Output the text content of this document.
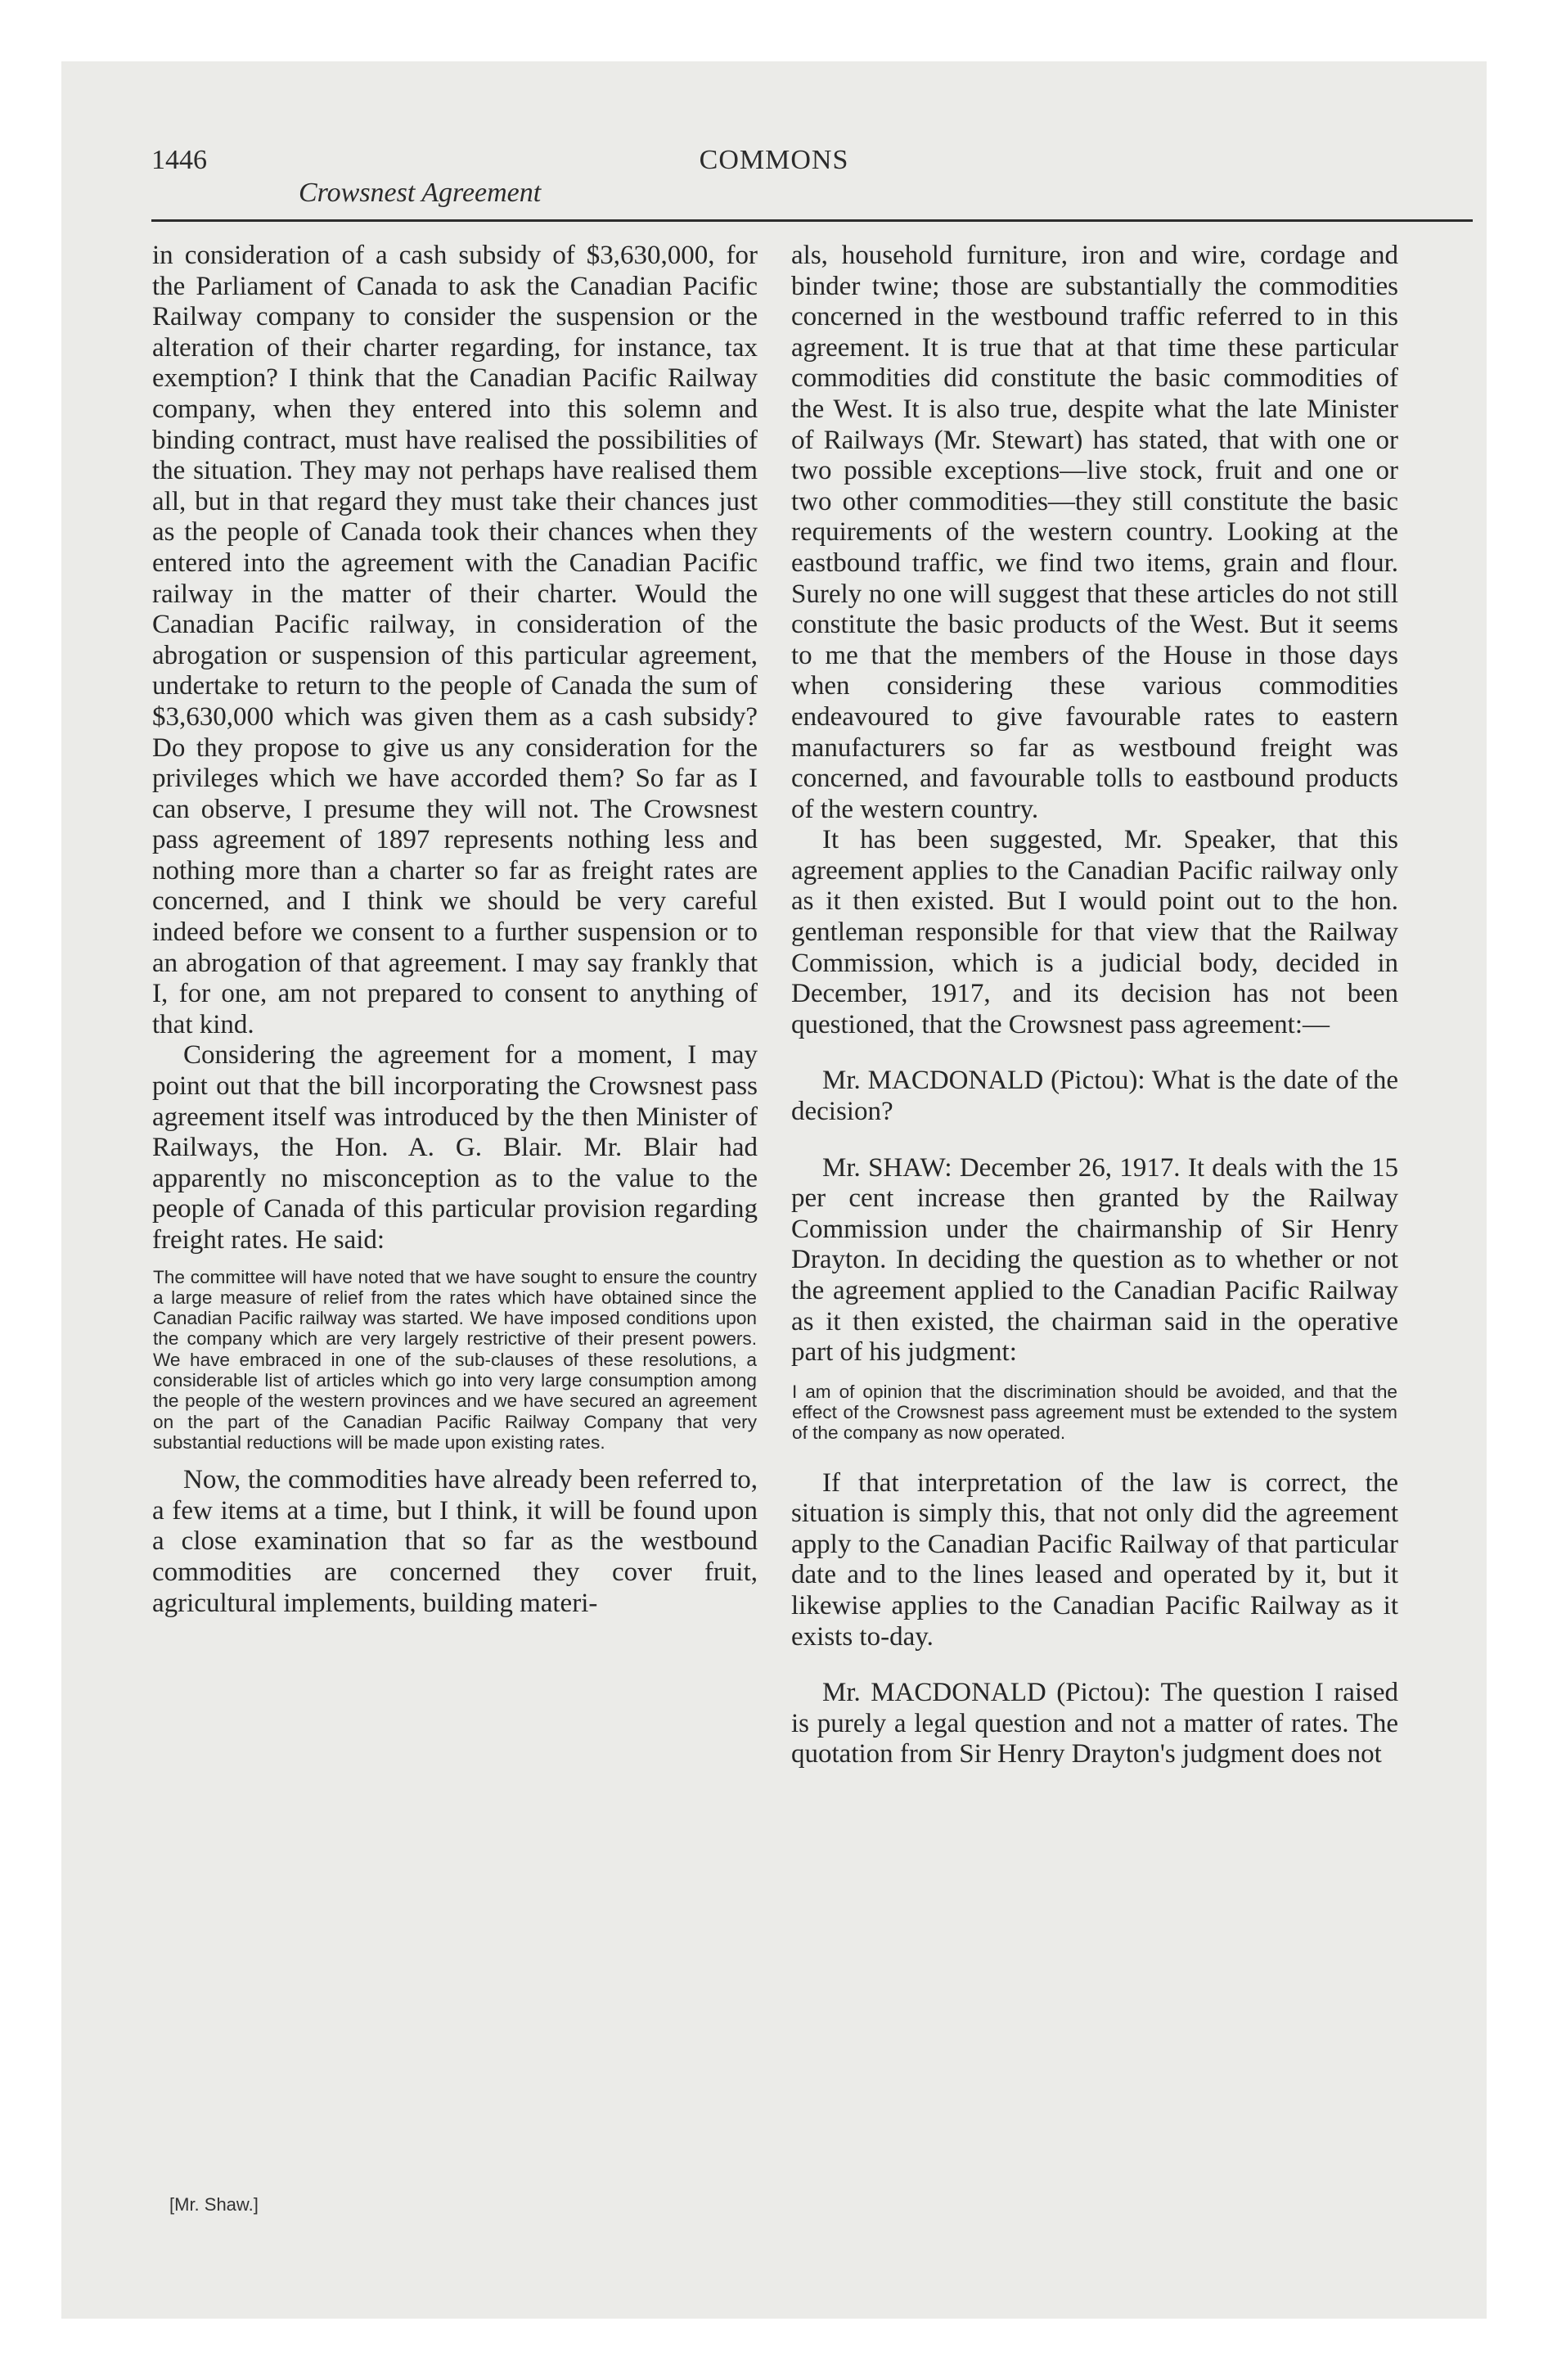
1446	COMMONS
Crowsnest Agreement

in consideration of a cash subsidy of $3,630,000, for the Parliament of Canada to ask the Canadian Pacific Railway company to consider the suspension or the alteration of their charter regarding, for instance, tax exemption? I think that the Canadian Pacific Railway company, when they entered into this solemn and binding contract, must have realised the possibilities of the situation. They may not perhaps have realised them all, but in that regard they must take their chances just as the people of Canada took their chances when they entered into the agreement with the Canadian Pacific railway in the matter of their charter. Would the Canadian Pacific railway, in consideration of the abrogation or suspension of this particular agreement, undertake to return to the people of Canada the sum of $3,630,000 which was given them as a cash subsidy? Do they propose to give us any consideration for the privileges which we have accorded them? So far as I can observe, I presume they will not. The Crowsnest pass agreement of 1897 represents nothing less and nothing more than a charter so far as freight rates are concerned, and I think we should be very careful indeed before we consent to a further suspension or to an abrogation of that agreement. I may say frankly that I, for one, am not prepared to consent to anything of that kind.

Considering the agreement for a moment, I may point out that the bill incorporating the Crowsnest pass agreement itself was introduced by the then Minister of Railways, the Hon. A. G. Blair. Mr. Blair had apparently no misconception as to the value to the people of Canada of this particular provision regarding freight rates. He said:

The committee will have noted that we have sought to ensure the country a large measure of relief from the rates which have obtained since the Canadian Pacific railway was started. We have imposed conditions upon the company which are very largely restrictive of their present powers. We have embraced in one of the sub-clauses of these resolutions, a considerable list of articles which go into very large consumption among the people of the western provinces and we have secured an agreement on the part of the Canadian Pacific Railway Company that very substantial reductions will be made upon existing rates.

Now, the commodities have already been referred to, a few items at a time, but I think, it will be found upon a close examination that so far as the westbound commodities are concerned they cover fruit, agricultural implements, building materi-

als, household furniture, iron and wire, cordage and binder twine; those are substantially the commodities concerned in the westbound traffic referred to in this agreement. It is true that at that time these particular commodities did constitute the basic commodities of the West. It is also true, despite what the late Minister of Railways (Mr. Stewart) has stated, that with one or two possible exceptions—live stock, fruit and one or two other commodities—they still constitute the basic requirements of the western country. Looking at the eastbound traffic, we find two items, grain and flour. Surely no one will suggest that these articles do not still constitute the basic products of the West. But it seems to me that the members of the House in those days when considering these various commodities endeavoured to give favourable rates to eastern manufacturers so far as westbound freight was concerned, and favourable tolls to eastbound products of the western country.

It has been suggested, Mr. Speaker, that this agreement applies to the Canadian Pacific railway only as it then existed. But I would point out to the hon. gentleman responsible for that view that the Railway Commission, which is a judicial body, decided in December, 1917, and its decision has not been questioned, that the Crowsnest pass agreement:—

Mr. MACDONALD (Pictou): What is the date of the decision?

Mr. SHAW: December 26, 1917. It deals with the 15 per cent increase then granted by the Railway Commission under the chairmanship of Sir Henry Drayton. In deciding the question as to whether or not the agreement applied to the Canadian Pacific Railway as it then existed, the chairman said in the operative part of his judgment:

I am of opinion that the discrimination should be avoided, and that the effect of the Crowsnest pass agreement must be extended to the system of the company as now operated.

If that interpretation of the law is correct, the situation is simply this, that not only did the agreement apply to the Canadian Pacific Railway of that particular date and to the lines leased and operated by it, but it likewise applies to the Canadian Pacific Railway as it exists to-day.

Mr. MACDONALD (Pictou): The question I raised is purely a legal question and not a matter of rates. The quotation from Sir Henry Drayton's judgment does not

[Mr. Shaw.]
